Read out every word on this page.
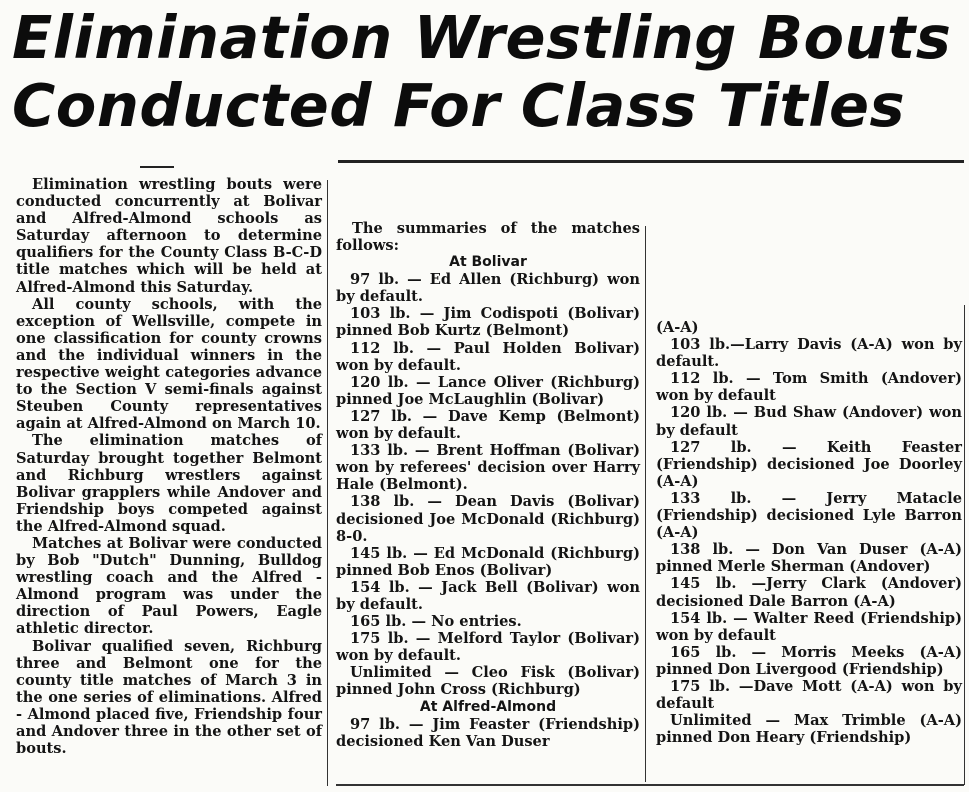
Elimination Wrestling Bouts
Conducted For Class Titles

Elimination wrestling bouts were conducted concurrently at Bolivar and Alfred-Almond schools as Saturday afternoon to determine qualifiers for the County Class B-C-D title matches which will be held at Alfred-Almond this Saturday.

All county schools, with the exception of Wellsville, compete in one classification for county crowns and the individual winners in the respective weight categories advance to the Section V semi-finals against Steuben County representatives again at Alfred-Almond on March 10.

The elimination matches of Saturday brought together Belmont and Richburg wrestlers against Bolivar grapplers while Andover and Friendship boys competed against the Alfred-Almond squad.

Matches at Bolivar were conducted by Bob "Dutch" Dunning, Bulldog wrestling coach and the Alfred - Almond program was under the direction of Paul Powers, Eagle athletic director.

Bolivar qualified seven, Richburg three and Belmont one for the county title matches of March 3 in the one series of eliminations. Alfred - Almond placed five, Friendship four and Andover three in the other set of bouts.

The summaries of the matches follows:

At Bolivar

97 lb. — Ed Allen (Richburg) won by default.

103 lb. — Jim Codispoti (Bolivar) pinned Bob Kurtz (Belmont)

112 lb. — Paul Holden Bolivar) won by default.

120 lb. — Lance Oliver (Richburg) pinned Joe McLaughlin (Bolivar)

127 lb. — Dave Kemp (Belmont) won by default.

133 lb. — Brent Hoffman (Bolivar) won by referees' decision over Harry Hale (Belmont).

138 lb. — Dean Davis (Bolivar) decisioned Joe McDonald (Richburg) 8-0.

145 lb. — Ed McDonald (Richburg) pinned Bob Enos (Bolivar)

154 lb. — Jack Bell (Bolivar) won by default.

165 lb. — No entries.

175 lb. — Melford Taylor (Bolivar) won by default.

Unlimited — Cleo Fisk (Bolivar) pinned John Cross (Richburg)

At Alfred-Almond

97 lb. — Jim Feaster (Friendship) decisioned Ken Van Duser

(A-A)

103 lb.—Larry Davis (A-A) won by default.

112 lb. — Tom Smith (Andover) won by default

120 lb. — Bud Shaw (Andover) won by default

127 lb. — Keith Feaster (Friendship) decisioned Joe Doorley (A-A)

133 lb. — Jerry Matacle (Friendship) decisioned Lyle Barron (A-A)

138 lb. — Don Van Duser (A-A) pinned Merle Sherman (Andover)

145 lb. —Jerry Clark (Andover) decisioned Dale Barron (A-A)

154 lb. — Walter Reed (Friendship) won by default

165 lb. — Morris Meeks (A-A) pinned Don Livergood (Friendship)

175 lb. —Dave Mott (A-A) won by default

Unlimited — Max Trimble (A-A) pinned Don Heary (Friendship)
